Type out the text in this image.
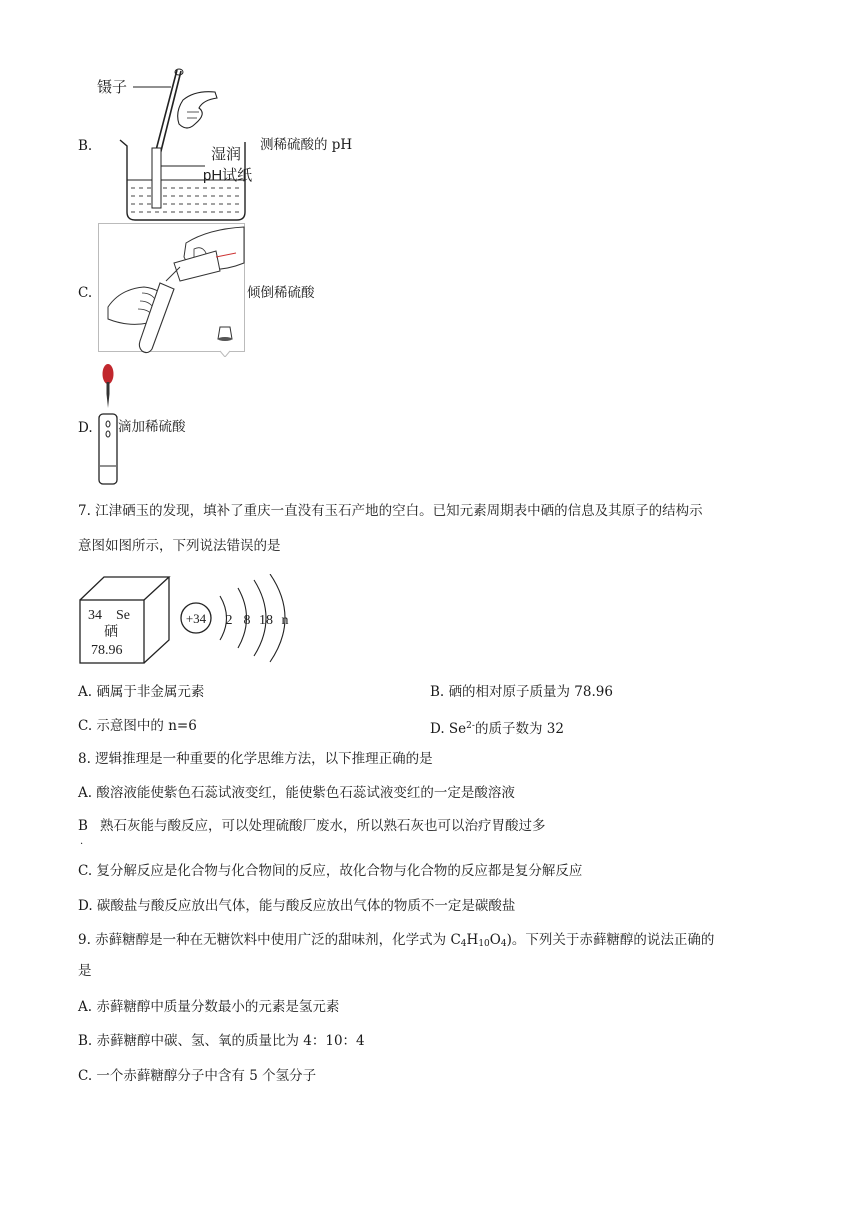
B.
镊子
湿润
pH试纸
测稀硫酸的 pH
C.	倾倒稀硫酸
D. 滴加稀硫酸
7. 江津硒玉的发现，填补了重庆一直没有玉石产地的空白。已知元素周期表中硒的信息及其原子的结构示
意图如图所示，下列说法错误的是
34 Se
硒
78.96
+34 2 8 18 n
A. 硒属于非金属元素	B. 硒的相对原子质量为 78.96
C. 示意图中的 n=6	D. $Se^{2-}$的质子数为 32
8. 逻辑推理是一种重要的化学思维方法，以下推理正确的是
A. 酸溶液能使紫色石蕊试液变红，能使紫色石蕊试液变红的一定是酸溶液
B
.
熟石灰能与酸反应，可以处理硫酸厂废水，所以熟石灰也可以治疗胃酸过多
C. 复分解反应是化合物与化合物间的反应，故化合物与化合物的反应都是复分解反应
D. 碳酸盐与酸反应放出气体，能与酸反应放出气体的物质不一定是碳酸盐
9. 赤藓糖醇是一种在无糖饮料中使用广泛的甜味剂，化学式为 $C_4H_{10}O_4$)。下列关于赤藓糖醇的说法正确的
是
A. 赤藓糖醇中质量分数最小的元素是氢元素
B. 赤藓糖醇中碳、氢、氧的质量比为 4：10：4
C. 一个赤藓糖醇分子中含有 5 个氢分子
